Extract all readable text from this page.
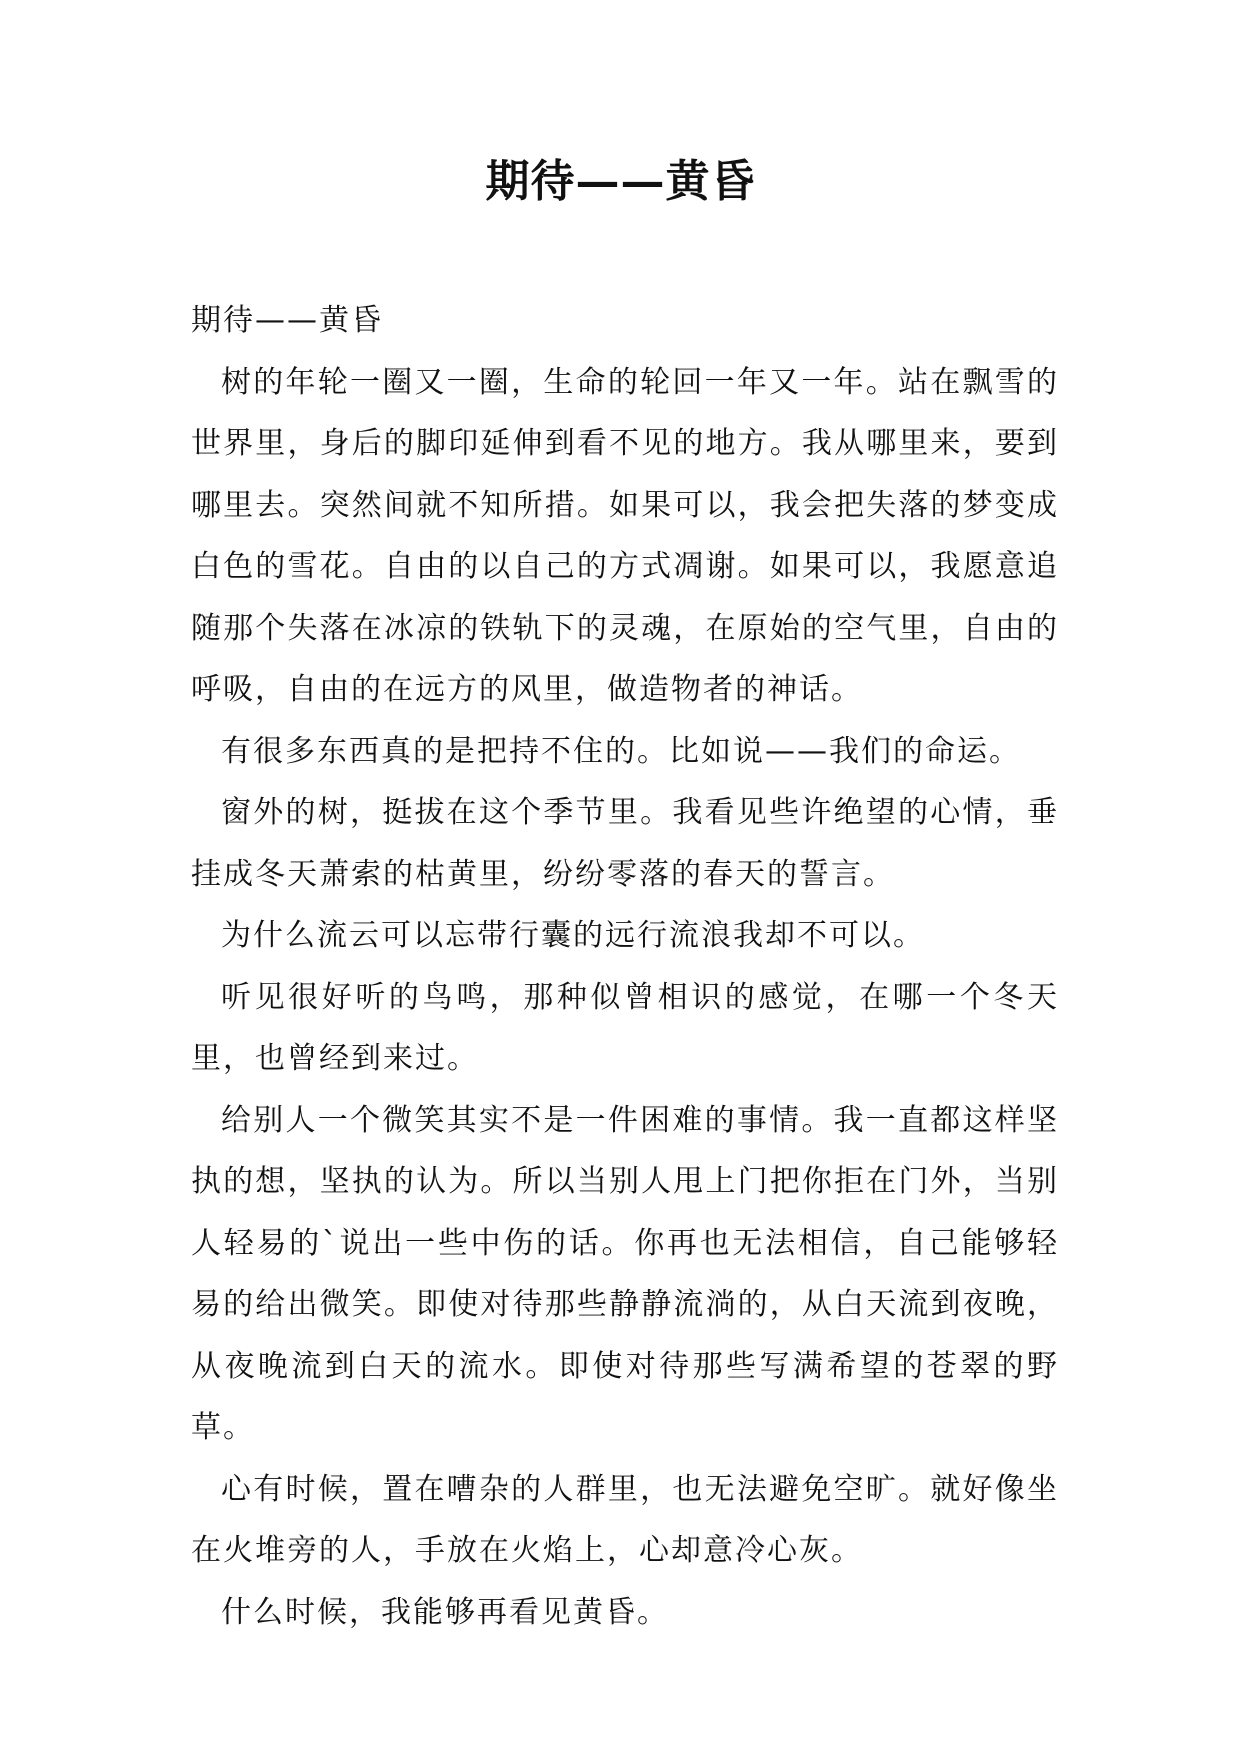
期待——黄昏

期待——黄昏

树的年轮一圈又一圈，生命的轮回一年又一年。站在飘雪的世界里，身后的脚印延伸到看不见的地方。我从哪里来，要到哪里去。突然间就不知所措。如果可以，我会把失落的梦变成白色的雪花。自由的以自己的方式凋谢。如果可以，我愿意追随那个失落在冰凉的铁轨下的灵魂，在原始的空气里，自由的呼吸，自由的在远方的风里，做造物者的神话。

有很多东西真的是把持不住的。比如说——我们的命运。

窗外的树，挺拔在这个季节里。我看见些许绝望的心情，垂挂成冬天萧索的枯黄里，纷纷零落的春天的誓言。

为什么流云可以忘带行囊的远行流浪我却不可以。

听见很好听的鸟鸣，那种似曾相识的感觉，在哪一个冬天里，也曾经到来过。

给别人一个微笑其实不是一件困难的事情。我一直都这样坚执的想，坚执的认为。所以当别人甩上门把你拒在门外，当别人轻易的`说出一些中伤的话。你再也无法相信，自己能够轻易的给出微笑。即使对待那些静静流淌的，从白天流到夜晚，从夜晚流到白天的流水。即使对待那些写满希望的苍翠的野草。

心有时候，置在嘈杂的人群里，也无法避免空旷。就好像坐在火堆旁的人，手放在火焰上，心却意冷心灰。

什么时候，我能够再看见黄昏。
